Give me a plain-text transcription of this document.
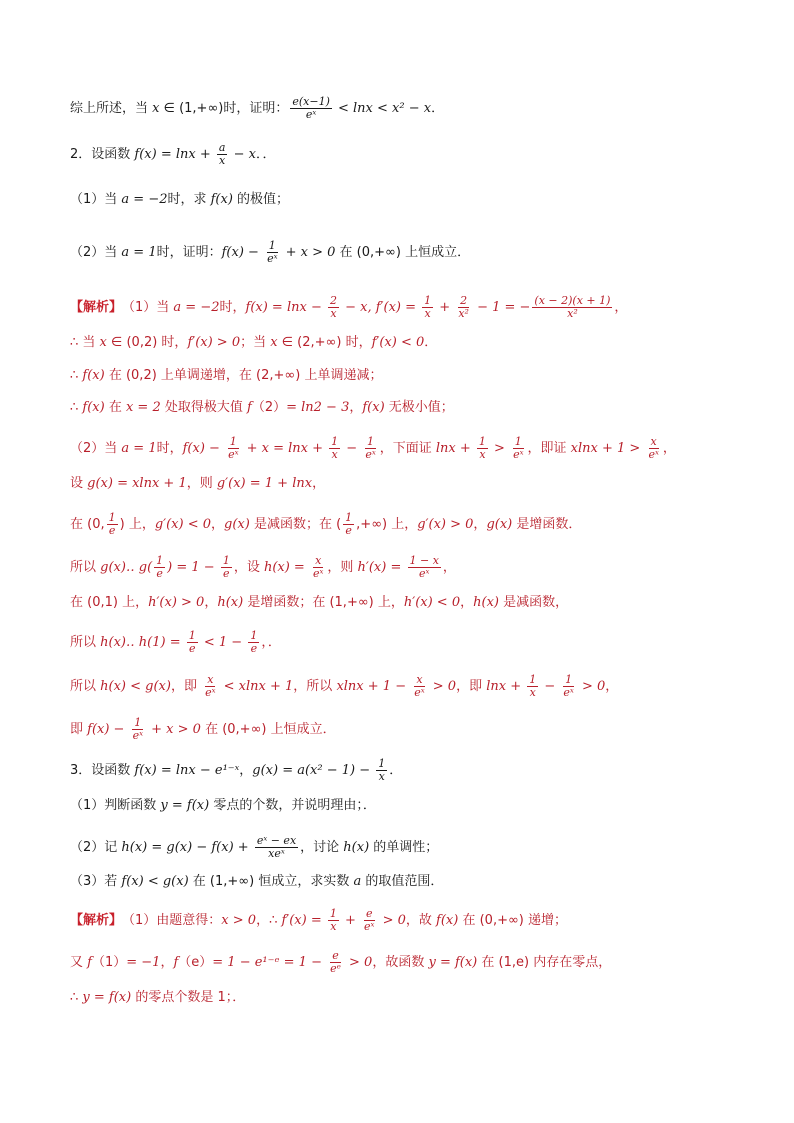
综上所述，当 x ∈ (1,+∞)时，证明： $\frac{e(x-1)}{\text{eˣ}} < \ln x < x^2 - x$ ．
2．设函数 $f(x) = \ln x + \frac{a}{x} - x$ ．．
（1）当 a = −2 时，求 f(x) 的极值；
（2）当 a = 1 时，证明： $f(x) - \frac{1}{\text{eˣ}} + x > 0$ 在 (0,+∞) 上恒成立．
【解析】 （1）当 a = −2 时， $f(x) = \ln x - \frac{2}{x} - x$, $f'(x) = \frac{1}{x} + \frac{2}{\text{x²}} - 1$ = − $\frac{(x - 2)(x + 1)}{\text{x²}}$ ，
∴ 当 x ∈ (0,2) 时， f′(x) > 0 ；当 x ∈ (2,+∞) 时， f′(x) < 0 ．
∴ f(x) 在 (0,2) 上单调递增，在 (2,+∞) 上单调递减；
∴ f(x) 在 x = 2 处取得极大值 f （2） = ln2 − 3 ， f(x) 无极小值；
（2）当 a = 1 时， $f(x) - \frac{1}{\text{eˣ}} + x = \ln x + \frac{1}{x} - \frac{1}{\text{eˣ}}$ ，下面证 $\ln x + \frac{1}{x} > \frac{1}{\text{eˣ}}$ ，即证 $xlnx + 1 > \frac{x}{\text{eˣ}}$ ，
设 g(x) = xlnx + 1 ，则 g′(x) = 1 + lnx ，
在 (0, $\frac{1}{e}$ ) 上， g′(x) < 0 ， g(x) 是减函数；在 ( $\frac{1}{e}$ ,+∞) 上， g′(x) > 0 ， g(x) 是增函数．
所以 g(x)‥ $g( \frac{1}{e}$ ) = $1 - \frac{1}{e}$ ，设 $h(x) = \frac{x}{\text{eˣ}}$ ，则 $h'(x) = \frac{1 - x}{\text{eˣ}}$ ，
在 (0,1) 上， h′(x) > 0 ， h(x) 是增函数；在 (1,+∞) 上， h′(x) < 0 ， h(x) 是减函数，
所以 h(x)‥ $h(1) = \frac{1}{e} < 1 - \frac{1}{e}$ ，．
所以 h(x) < g(x) ，即 $\frac{x}{\text{eˣ}} < xlnx + 1$ ，所以 $xlnx + 1 - \frac{x}{\text{eˣ}} > 0$ ，即 $\ln x + \frac{1}{x} - \frac{1}{\text{eˣ}} > 0$ ，
即 $f(x) - \frac{1}{\text{eˣ}} + x > 0$ 在 (0,+∞) 上恒成立．
3．设函数 f(x) = lnx − e¹⁻ˣ ， $g(x) = a(x^2 - 1) - \frac{1}{x}$ ．
（1）判断函数 y = f(x) 零点的个数，并说明理由；．
（2）记 $h(x) = g(x) - f(x) + \frac{\text{eˣ − ex}}{\text{xeˣ}}$ ，讨论 h(x) 的单调性；
（3）若 f(x) < g(x) 在 (1,+∞) 恒成立，求实数 a 的取值范围．
【解析】 （1）由题意得： x > 0 ，∴ $f'(x) = \frac{1}{x} + \frac{e}{\text{eˣ}} > 0$ ，故 f(x) 在 (0,+∞) 递增；
又 f （1） = −1 ， f （e） = 1 − e¹⁻ᵉ = $1 - \frac{e}{\text{eᵉ}} > 0$ ，故函数 y = f(x) 在 (1,e) 内存在零点，
∴ y = f(x) 的零点个数是 1；．
